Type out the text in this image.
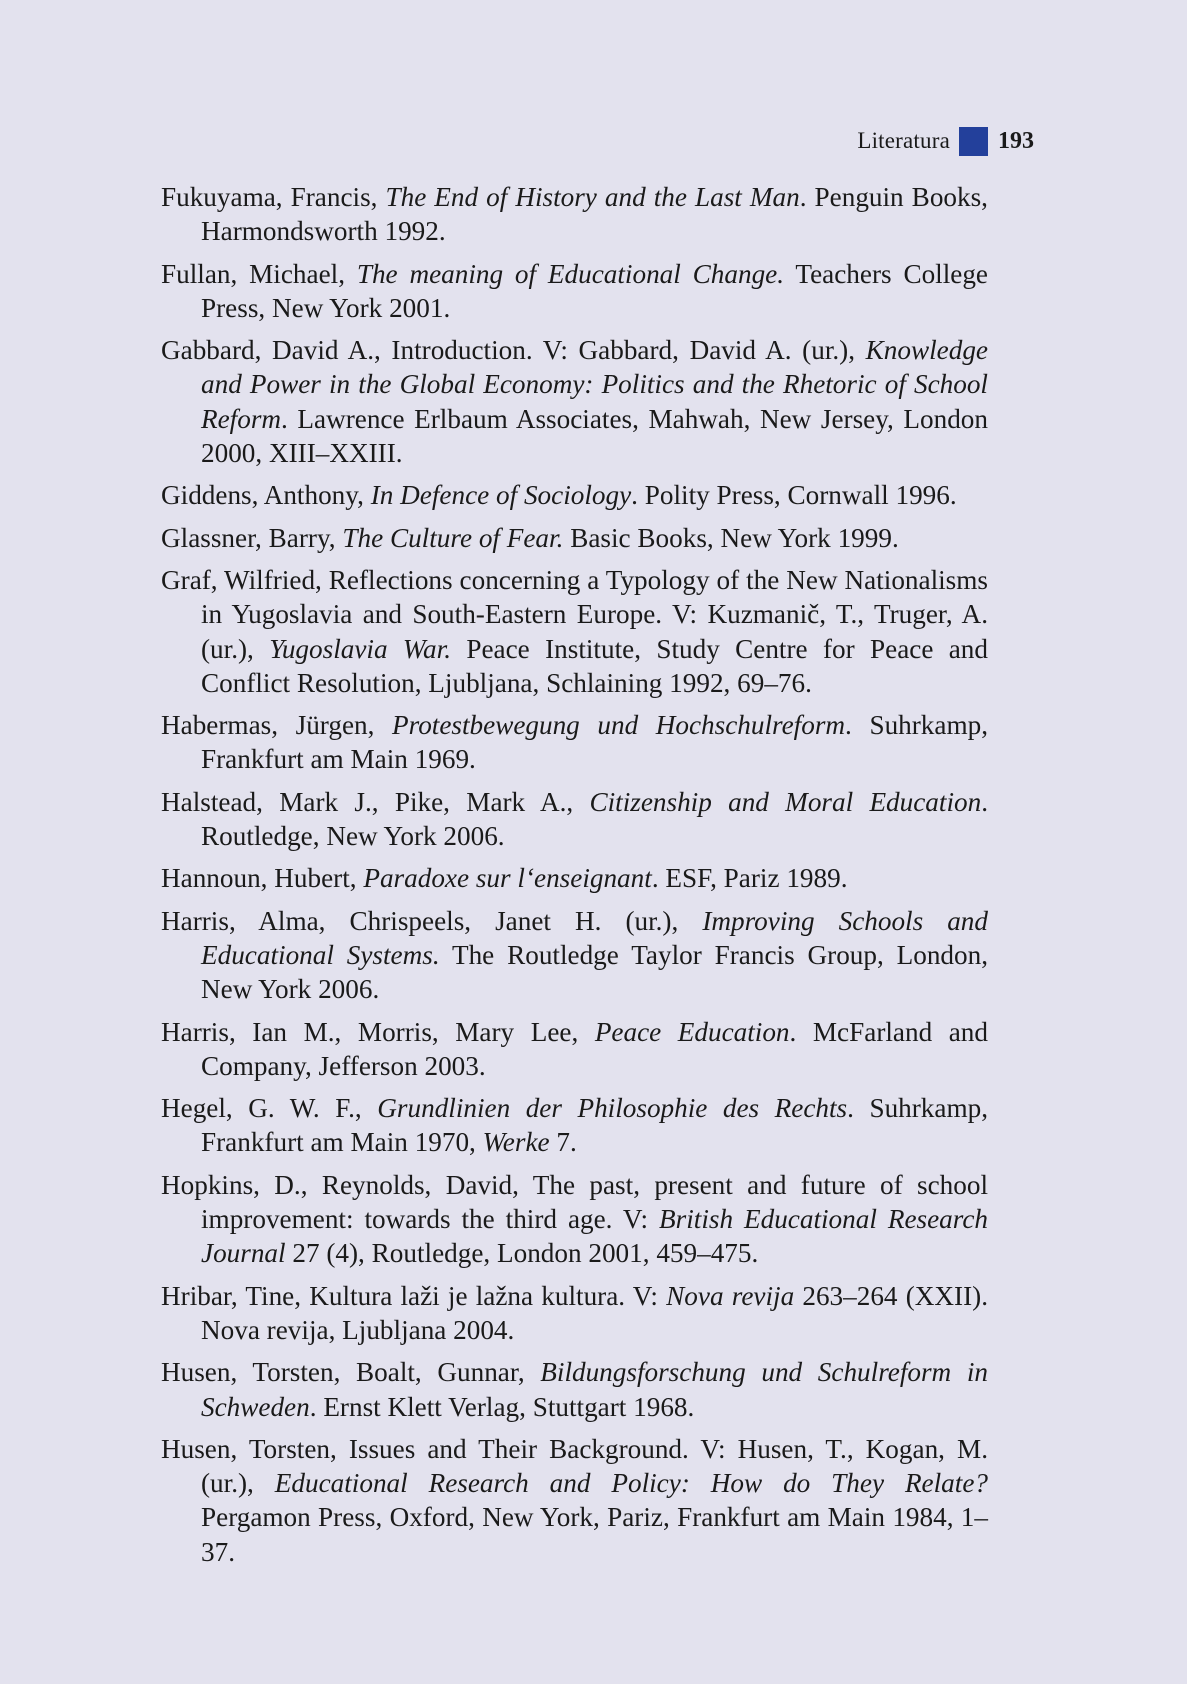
Literatura 193

Fukuyama, Francis, The End of History and the Last Man. Penguin Books, Harmondsworth 1992.

Fullan, Michael, The meaning of Educational Change. Teachers College Press, New York 2001.

Gabbard, David A., Introduction. V: Gabbard, David A. (ur.), Knowledge and Power in the Global Economy: Politics and the Rhetoric of School Reform. Lawrence Erlbaum Associates, Mahwah, New Jersey, London 2000, XIII–XXIII.

Giddens, Anthony, In Defence of Sociology. Polity Press, Cornwall 1996.

Glassner, Barry, The Culture of Fear. Basic Books, New York 1999.

Graf, Wilfried, Reflections concerning a Typology of the New Nationalisms in Yugoslavia and South-Eastern Europe. V: Kuzmanič, T., Truger, A. (ur.), Yugoslavia War. Peace Institute, Study Centre for Peace and Conflict Resolution, Ljubljana, Schlaining 1992, 69–76.

Habermas, Jürgen, Protestbewegung und Hochschulreform. Suhrkamp, Frankfurt am Main 1969.

Halstead, Mark J., Pike, Mark A., Citizenship and Moral Education. Routledge, New York 2006.

Hannoun, Hubert, Paradoxe sur l‘enseignant. ESF, Pariz 1989.

Harris, Alma, Chrispeels, Janet H. (ur.), Improving Schools and Educational Systems. The Routledge Taylor Francis Group, London, New York 2006.

Harris, Ian M., Morris, Mary Lee, Peace Education. McFarland and Company, Jefferson 2003.

Hegel, G. W. F., Grundlinien der Philosophie des Rechts. Suhrkamp, Frankfurt am Main 1970, Werke 7.

Hopkins, D., Reynolds, David, The past, present and future of school improvement: towards the third age. V: British Educational Research Journal 27 (4), Routledge, London 2001, 459–475.

Hribar, Tine, Kultura laži je lažna kultura. V: Nova revija 263–264 (XXII). Nova revija, Ljubljana 2004.

Husen, Torsten, Boalt, Gunnar, Bildungsforschung und Schulreform in Schweden. Ernst Klett Verlag, Stuttgart 1968.

Husen, Torsten, Issues and Their Background. V: Husen, T., Kogan, M. (ur.), Educational Research and Policy: How do They Relate? Pergamon Press, Oxford, New York, Pariz, Frankfurt am Main 1984, 1–37.
